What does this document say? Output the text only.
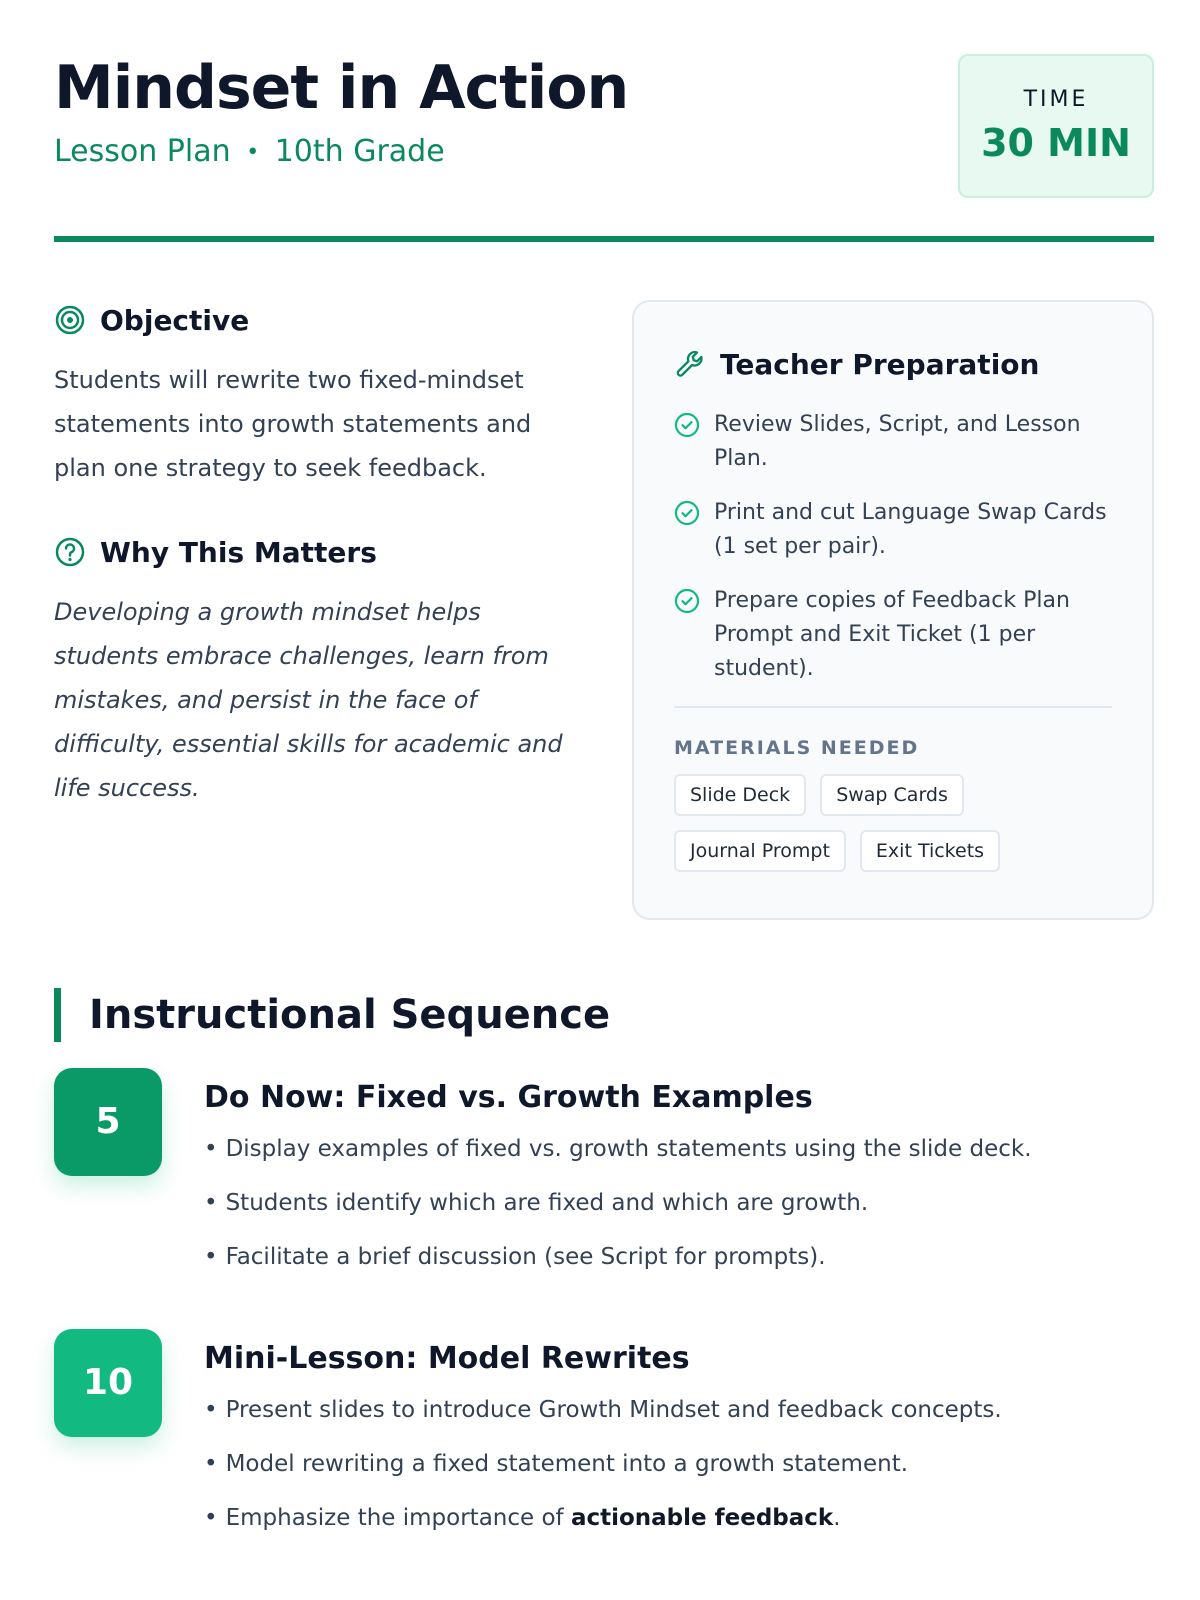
Mindset in Action
Lesson Plan • 10th Grade
TIME
30 MIN
Objective

Students will rewrite two fixed-mindset statements into growth statements and plan one strategy to seek feedback.

Why This Matters

Developing a growth mindset helps students embrace challenges, learn from mistakes, and persist in the face of difficulty, essential skills for academic and life success.

Teacher Preparation
Review Slides, Script, and Lesson Plan.
Print and cut Language Swap Cards (1 set per pair).
Prepare copies of Feedback Plan Prompt and Exit Ticket (1 per student).
MATERIALS NEEDED
Slide Deck	Swap Cards
Journal Prompt	Exit Tickets
Instructional Sequence
5
Do Now: Fixed vs. Growth Examples
• Display examples of fixed vs. growth statements using the slide deck.
• Students identify which are fixed and which are growth.
• Facilitate a brief discussion (see Script for prompts).
10
Mini-Lesson: Model Rewrites
• Present slides to introduce Growth Mindset and feedback concepts.
• Model rewriting a fixed statement into a growth statement.
• Emphasize the importance of actionable feedback.
